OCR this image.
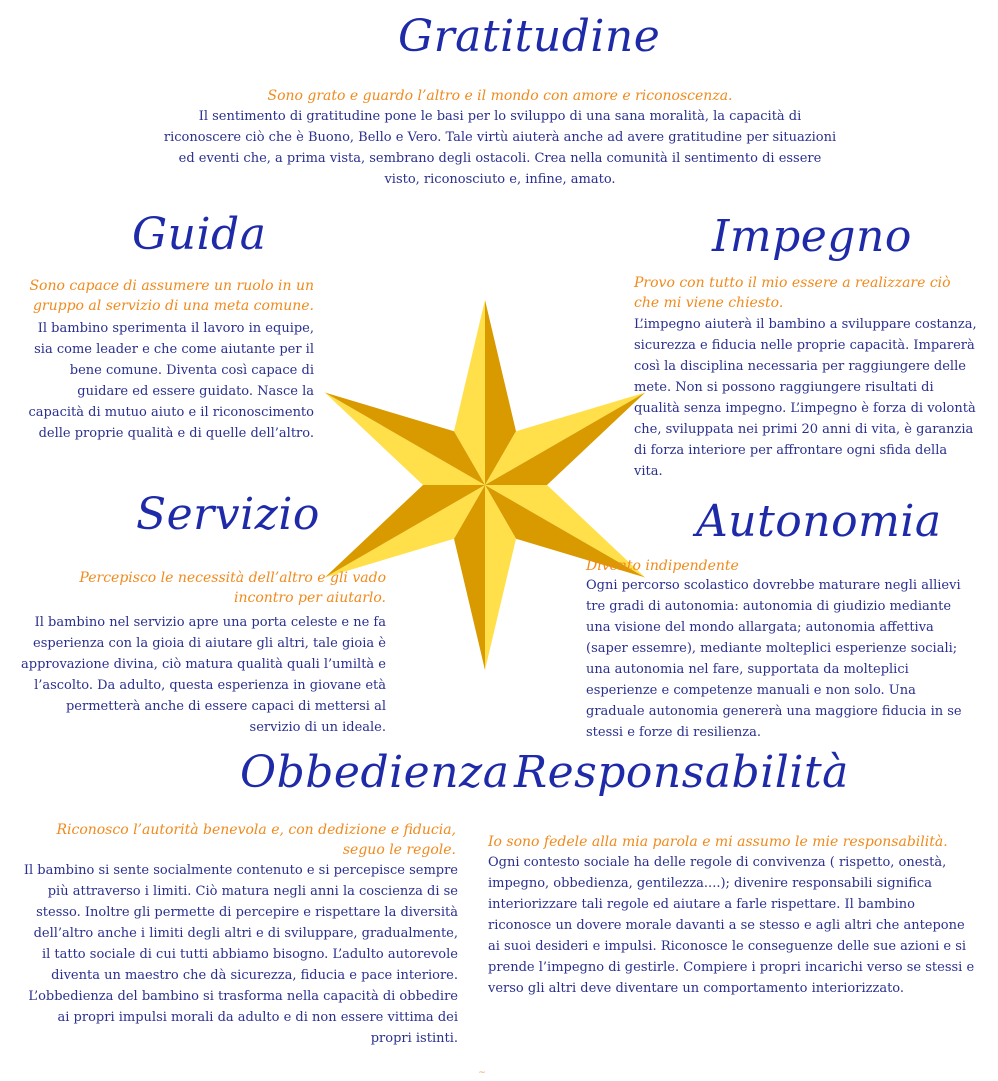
Gratitudine

Sono grato e guardo l’altro e il mondo con amore e riconoscenza.

Il sentimento di gratitudine pone le basi per lo sviluppo di una sana moralità, la capacità di riconoscere ciò che è Buono, Bello e Vero. Tale virtù aiuterà anche ad avere gratitudine per situazioni ed eventi che, a prima vista, sembrano degli ostacoli. Crea nella comunità il sentimento di essere visto, riconosciuto e, infine, amato.

Guida

Sono capace di assumere un ruolo in un gruppo al servizio di una meta comune.

Il bambino sperimenta il lavoro in equipe, sia come leader e che come aiutante per il bene comune. Diventa così capace di guidare ed essere guidato. Nasce la capacità di mutuo aiuto e il riconoscimento delle proprie qualità e di quelle dell’altro.

Impegno

Provo con tutto il mio essere a realizzare ciò che mi viene chiesto.

L’impegno aiuterà il bambino a sviluppare costanza, sicurezza e fiducia nelle proprie capacità. Imparerà così la disciplina necessaria per raggiungere delle mete. Non si possono raggiungere risultati di qualità senza impegno. L’impegno è forza di volontà che, sviluppata nei primi 20 anni di vita, è garanzia di forza interiore per affrontare ogni sfida della vita.

Servizio

Percepisco le necessità dell’altro e gli vado incontro per aiutarlo.

Il bambino nel servizio apre una porta celeste e ne fa esperienza con la gioia di aiutare gli altri, tale gioia è approvazione divina, ciò matura qualità quali l’umiltà e l’ascolto. Da adulto, questa esperienza in giovane età permetterà anche di essere capaci di mettersi al servizio di un ideale.

Autonomia

Divento indipendente

Ogni percorso scolastico dovrebbe maturare negli allievi tre gradi di autonomia: autonomia di giudizio mediante una visione del mondo allargata; autonomia affettiva (saper essemre), mediante molteplici esperienze sociali; una autonomia nel fare, supportata da molteplici esperienze e competenze manuali e non solo. Una graduale autonomia genererà una maggiore fiducia in se stessi e forze di resilienza.

Obbedienza

Riconosco l’autorità benevola e, con dedizione e fiducia, seguo le regole.

Il bambino si sente socialmente contenuto e si percepisce sempre più attraverso i limiti. Ciò matura negli anni la coscienza di se stesso. Inoltre gli permette di percepire e rispettare la diversità dell’altro anche i limiti degli altri e di sviluppare, gradualmente, il tatto sociale di cui tutti abbiamo bisogno. L’adulto autorevole diventa un maestro che dà sicurezza, fiducia e pace interiore. L’obbedienza del bambino si trasforma nella capacità di obbedire ai propri impulsi morali da adulto e di non essere vittima dei propri istinti.

Responsabilità

Io sono fedele alla mia parola e mi assumo le mie responsabilità.

Ogni contesto sociale ha delle regole di convivenza ( rispetto, onestà, impegno, obbedienza, gentilezza....); divenire responsabili significa interiorizzare tali regole ed aiutare a farle rispettare. Il bambino riconosce un dovere morale davanti a se stesso e agli altri che antepone ai suoi desideri e impulsi. Riconosce le conseguenze delle sue azioni e si prende l’impegno di gestirle. Compiere i propri incarichi verso se stessi e verso gli altri deve diventare un comportamento interiorizzato.

~
